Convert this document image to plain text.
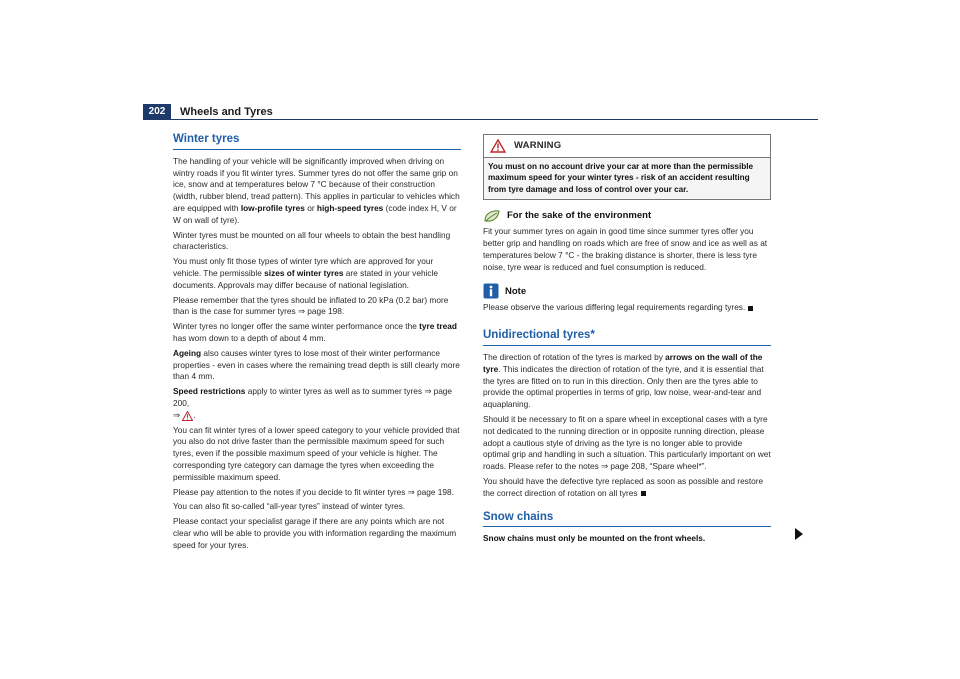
202	Wheels and Tyres
Winter tyres

The handling of your vehicle will be significantly improved when driving on wintry roads if you fit winter tyres. Summer tyres do not offer the same grip on ice, snow and at temperatures below 7 °C because of their construction (width, rubber blend, tread pattern). This applies in particular to vehicles which are equipped with low-profile tyres or high-speed tyres (code index H, V or W on wall of tyre).

Winter tyres must be mounted on all four wheels to obtain the best handling characteristics.

You must only fit those types of winter tyre which are approved for your vehicle. The permissible sizes of winter tyres are stated in your vehicle documents. Approvals may differ because of national legislation.

Please remember that the tyres should be inflated to 20 kPa (0.2 bar) more than is the case for summer tyres ⇒ page 198.

Winter tyres no longer offer the same winter performance once the tyre tread has worn down to a depth of about 4 mm.

Ageing also causes winter tyres to lose most of their winter performance properties - even in cases where the remaining tread depth is still clearly more than 4 mm.

Speed restrictions apply to winter tyres as well as to summer tyres ⇒ page 200,
⇒ .

You can fit winter tyres of a lower speed category to your vehicle provided that you also do not drive faster than the permissible maximum speed for such tyres, even if the possible maximum speed of your vehicle is higher. The corresponding tyre category can damage the tyres when exceeding the permissible maximum speed.

Please pay attention to the notes if you decide to fit winter tyres ⇒ page 198.

You can also fit so-called “all-year tyres” instead of winter tyres.

Please contact your specialist garage if there are any points which are not clear who will be able to provide you with information regarding the maximum speed for your tyres.

WARNING
You must on no account drive your car at more than the permissible maximum speed for your winter tyres - risk of an accident resulting from tyre damage and loss of control over your car.
For the sake of the environment

Fit your summer tyres on again in good time since summer tyres offer you better grip and handling on roads which are free of snow and ice as well as at temperatures below 7 °C - the braking distance is shorter, there is less tyre noise, tyre wear is reduced and fuel consumption is reduced.

Note

Please observe the various differing legal requirements regarding tyres.

Unidirectional tyres*

The direction of rotation of the tyres is marked by arrows on the wall of the tyre. This indicates the direction of rotation of the tyre, and it is essential that the tyres are fitted on to run in this direction. Only then are the tyres able to provide the optimal properties in terms of grip, low noise, wear-and-tear and aquaplaning.

Should it be necessary to fit on a spare wheel in exceptional cases with a tyre not dedicated to the running direction or in opposite running direction, please adopt a cautious style of driving as the tyre is no longer able to provide optimal grip and handling in such a situation. This particularly important on wet roads. Please refer to the notes ⇒ page 208, “Spare wheel*”.

You should have the defective tyre replaced as soon as possible and restore the correct direction of rotation on all tyres

Snow chains

Snow chains must only be mounted on the front wheels.
